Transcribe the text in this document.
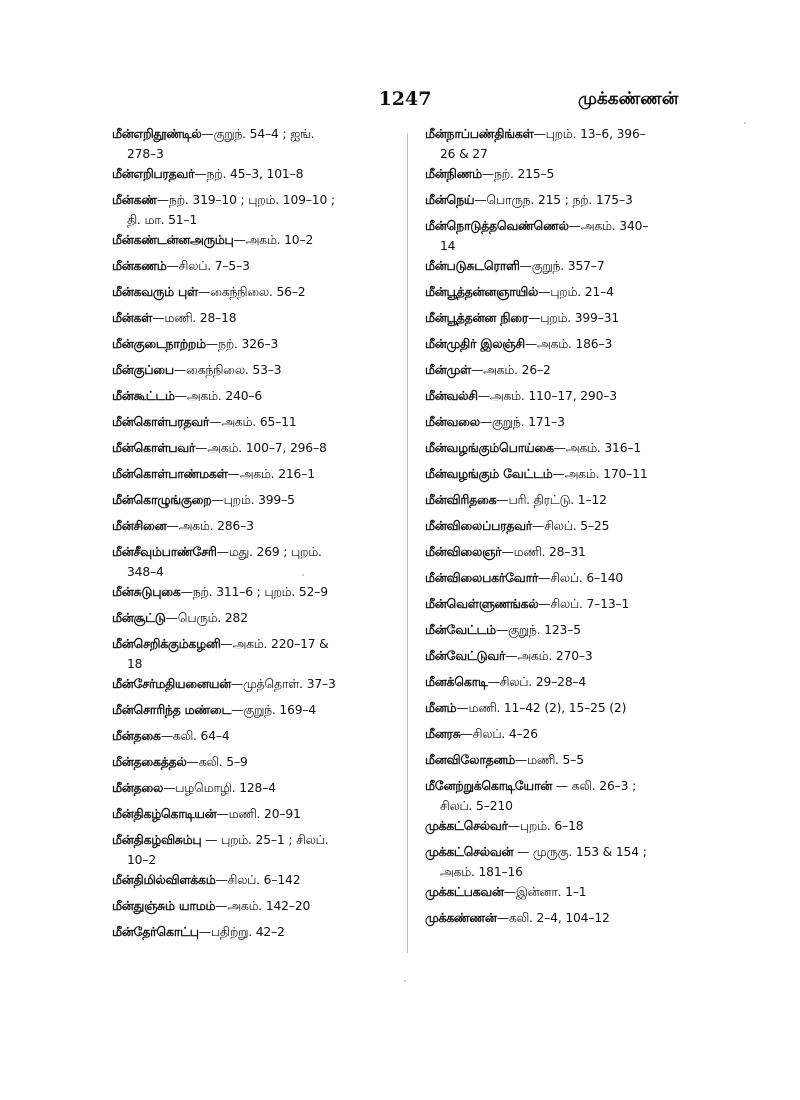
1247	முக்கண்ணன்
மீன்எறிதூண்டில்—குறுந். 54–4 ; ஐங்.
278–3
மீன்எறிபரதவர்—நற். 45–3, 101–8
மீன்கண்—நற். 319–10 ; புறம். 109–10 ;
தி. மா. 51–1
மீன்கண்டன்னஅரும்பு—அகம். 10–2
மீன்கணம்—சிலப். 7–5–3
மீன்கவரும் புள்—கைந்நிலை. 56–2
மீன்கள்—மணி. 28–18
மீன்குடைநாற்றம்—நற். 326–3
மீன்குப்பை—கைந்நிலை. 53–3
மீன்கூட்டம்—அகம். 240–6
மீன்கொள்பரதவர்—அகம். 65–11
மீன்கொள்பவர்—அகம். 100–7, 296–8
மீன்கொள்பாண்மகள்—அகம். 216–1
மீன்கொழுங்குறை—புறம். 399–5
மீன்சினை—அகம். 286–3
மீன்சீவும்பாண்சேரி—மது. 269 ; புறம்.
348–4
மீன்சுடுபுகை—நற். 311–6 ; புறம். 52–9
மீன்சூட்டு—பெரும். 282
மீன்செறிக்கும்கழனி—அகம். 220–17 &
18
மீன்சேர்மதியனையன்—முத்தொள். 37–3
மீன்சொரிந்த மண்டை—குறுந். 169–4
மீன்தகை—கலி. 64–4
மீன்தகைத்தல்—கலி. 5–9
மீன்தலை—பழமொழி. 128–4
மீன்திகழ்கொடியன்—மணி. 20–91
மீன்திகழ்விசும்பு — புறம். 25–1 ; சிலப்.
10–2
மீன்திமில்விளக்கம்—சிலப். 6–142
மீன்துஞ்சும் யாமம்—அகம். 142–20
மீன்தேர்கொட்பு—பதிற்று. 42–2
மீன்நாப்பண்திங்கள்—புறம். 13–6, 396–
26 & 27
மீன்நிணம்—நற். 215–5
மீன்நெய்—பொருந. 215 ; நற். 175–3
மீன்நொடுத்தவெண்ணெல்—அகம். 340–
14
மீன்படுசுடரொளி—குறுந். 357–7
மீன்பூத்தன்னஞாயில்—புறம். 21–4
மீன்பூத்தன்ன நிரை—புறம். 399–31
மீன்முதிர் இலஞ்சி—அகம். 186–3
மீன்முள்—அகம். 26–2
மீன்வல்சி—அகம். 110–17, 290–3
மீன்வலை—குறுந். 171–3
மீன்வழங்கும்பொய்கை—அகம். 316–1
மீன்வழங்கும் வேட்டம்—அகம். 170–11
மீன்விரிதகை—பரி. திரட்டு. 1–12
மீன்விலைப்பரதவர்—சிலப். 5–25
மீன்விலைஞர்—மணி. 28–31
மீன்விலைபகர்வோர்—சிலப். 6–140
மீன்வெள்ளுணங்கல்—சிலப். 7–13–1
மீன்வேட்டம்—குறுந். 123–5
மீன்வேட்டுவர்—அகம். 270–3
மீனக்கொடி—சிலப். 29–28–4
மீனம்—மணி. 11–42 (2), 15–25 (2)
மீனரசு—சிலப். 4–26
மீனவிலோதனம்—மணி. 5–5
மீனேற்றுக்கொடியோன் — கலி. 26–3 ;
சிலப். 5–210
முக்கட்செல்வர்—புறம். 6–18
முக்கட்செல்வன் — முருகு. 153 & 154 ;
அகம். 181–16
முக்கட்பகவன்—இன்னா. 1–1
முக்கண்ணன்—கலி. 2–4, 104–12
